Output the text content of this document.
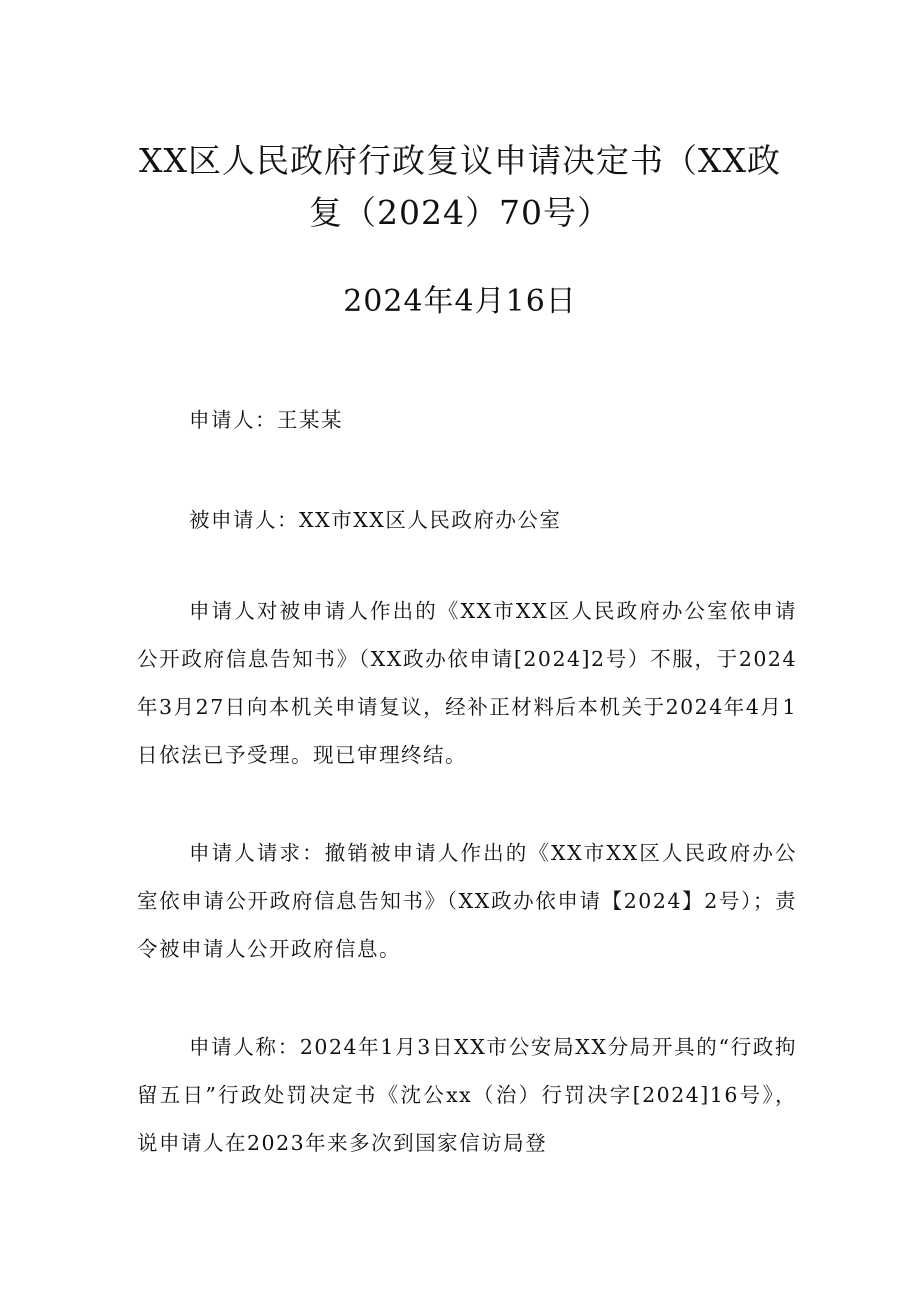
XX区人民政府行政复议申请决定书（XX政
复（2024）70号）
2024年4月16日

申请人：王某某

被申请人：XX市XX区人民政府办公室

申请人对被申请人作出的《XX市XX区人民政府办公室依申请公开政府信息告知书》（XX政办依申请[2024]2号）不服，于2024年3月27日向本机关申请复议，经补正材料后本机关于2024年4月1日依法已予受理。现已审理终结。

申请人请求：撤销被申请人作出的《XX市XX区人民政府办公室依申请公开政府信息告知书》（XX政办依申请【2024】2号）；责令被申请人公开政府信息。

申请人称：2024年1月3日XX市公安局XX分局开具的“行政拘留五日”行政处罚决定书《沈公xx（治）行罚决字[2024]16号》，说申请人在2023年来多次到国家信访局登
